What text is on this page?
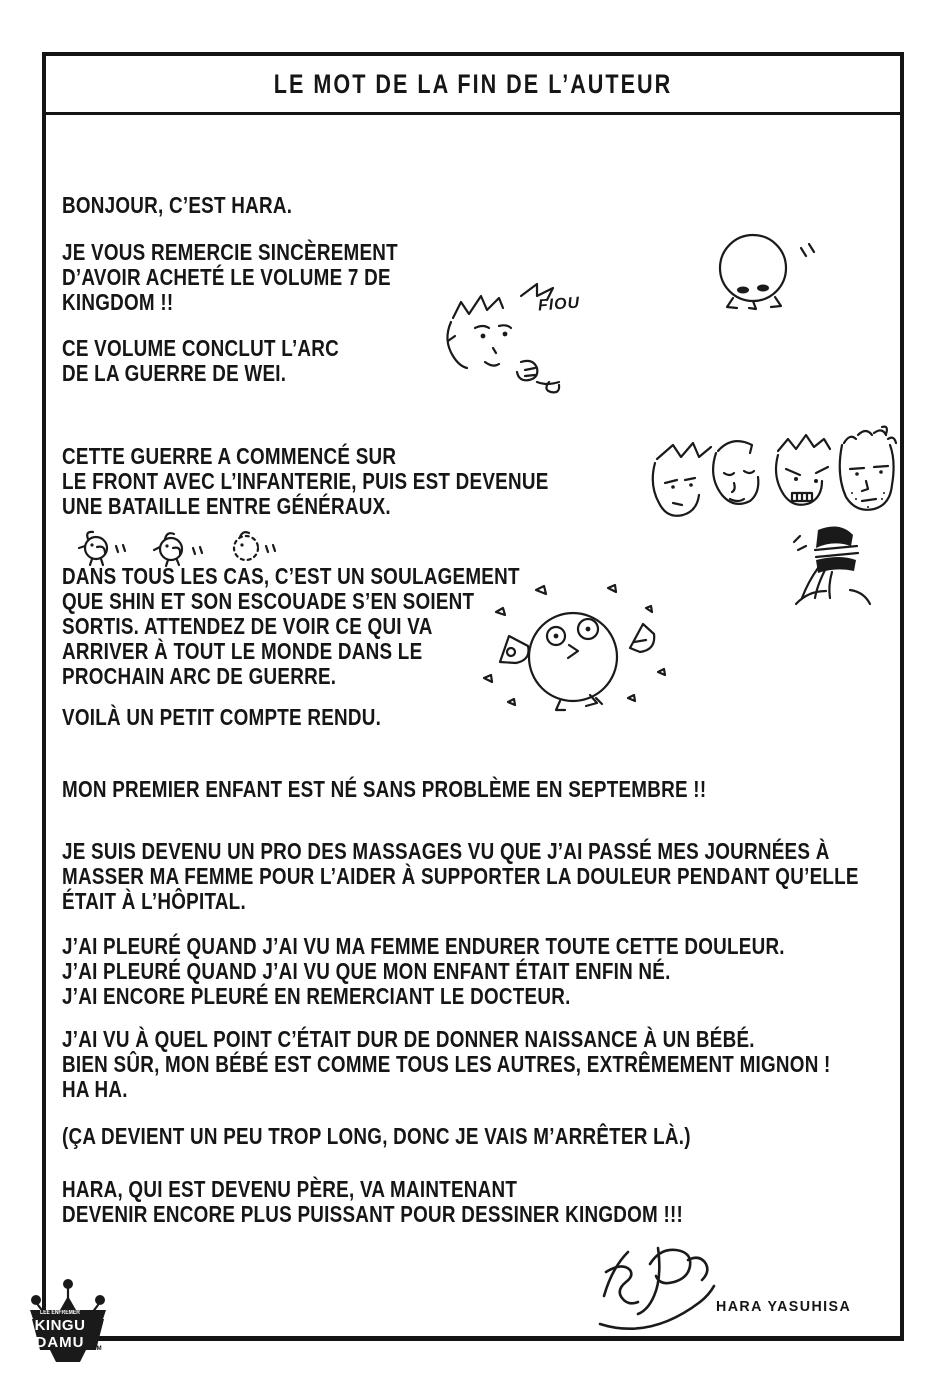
LE MOT DE LA FIN DE L’AUTEUR
BONJOUR, C’EST HARA.
JE VOUS REMERCIE SINCÈREMENT
D’AVOIR ACHETÉ LE VOLUME 7 DE
KINGDOM !!
CE VOLUME CONCLUT L’ARC
DE LA GUERRE DE WEI.
CETTE GUERRE A COMMENCÉ SUR
LE FRONT AVEC L’INFANTERIE, PUIS EST DEVENUE
UNE BATAILLE ENTRE GÉNÉRAUX.
DANS TOUS LES CAS, C’EST UN SOULAGEMENT
QUE SHIN ET SON ESCOUADE S’EN SOIENT
SORTIS. ATTENDEZ DE VOIR CE QUI VA
ARRIVER À TOUT LE MONDE DANS LE
PROCHAIN ARC DE GUERRE.
VOILÀ UN PETIT COMPTE RENDU.
MON PREMIER ENFANT EST NÉ SANS PROBLÈME EN SEPTEMBRE !!
JE SUIS DEVENU UN PRO DES MASSAGES VU QUE J’AI PASSÉ MES JOURNÉES À
MASSER MA FEMME POUR L’AIDER À SUPPORTER LA DOULEUR PENDANT QU’ELLE
ÉTAIT À L’HÔPITAL.
J’AI PLEURÉ QUAND J’AI VU MA FEMME ENDURER TOUTE CETTE DOULEUR.
J’AI PLEURÉ QUAND J’AI VU QUE MON ENFANT ÉTAIT ENFIN NÉ.
J’AI ENCORE PLEURÉ EN REMERCIANT LE DOCTEUR.
J’AI VU À QUEL POINT C’ÉTAIT DUR DE DONNER NAISSANCE À UN BÉBÉ.
BIEN SÛR, MON BÉBÉ EST COMME TOUS LES AUTRES, EXTRÊMEMENT MIGNON !
HA HA.
(ÇA DEVIENT UN PEU TROP LONG, DONC JE VAIS M’ARRÊTER LÀ.)
HARA, QUI EST DEVENU PÈRE, VA MAINTENANT
DEVENIR ENCORE PLUS PUISSANT POUR DESSINER KINGDOM !!!
FIOU
HARA YASUHISA
LEE ENFREMER
KINGU
DAMU	TM
